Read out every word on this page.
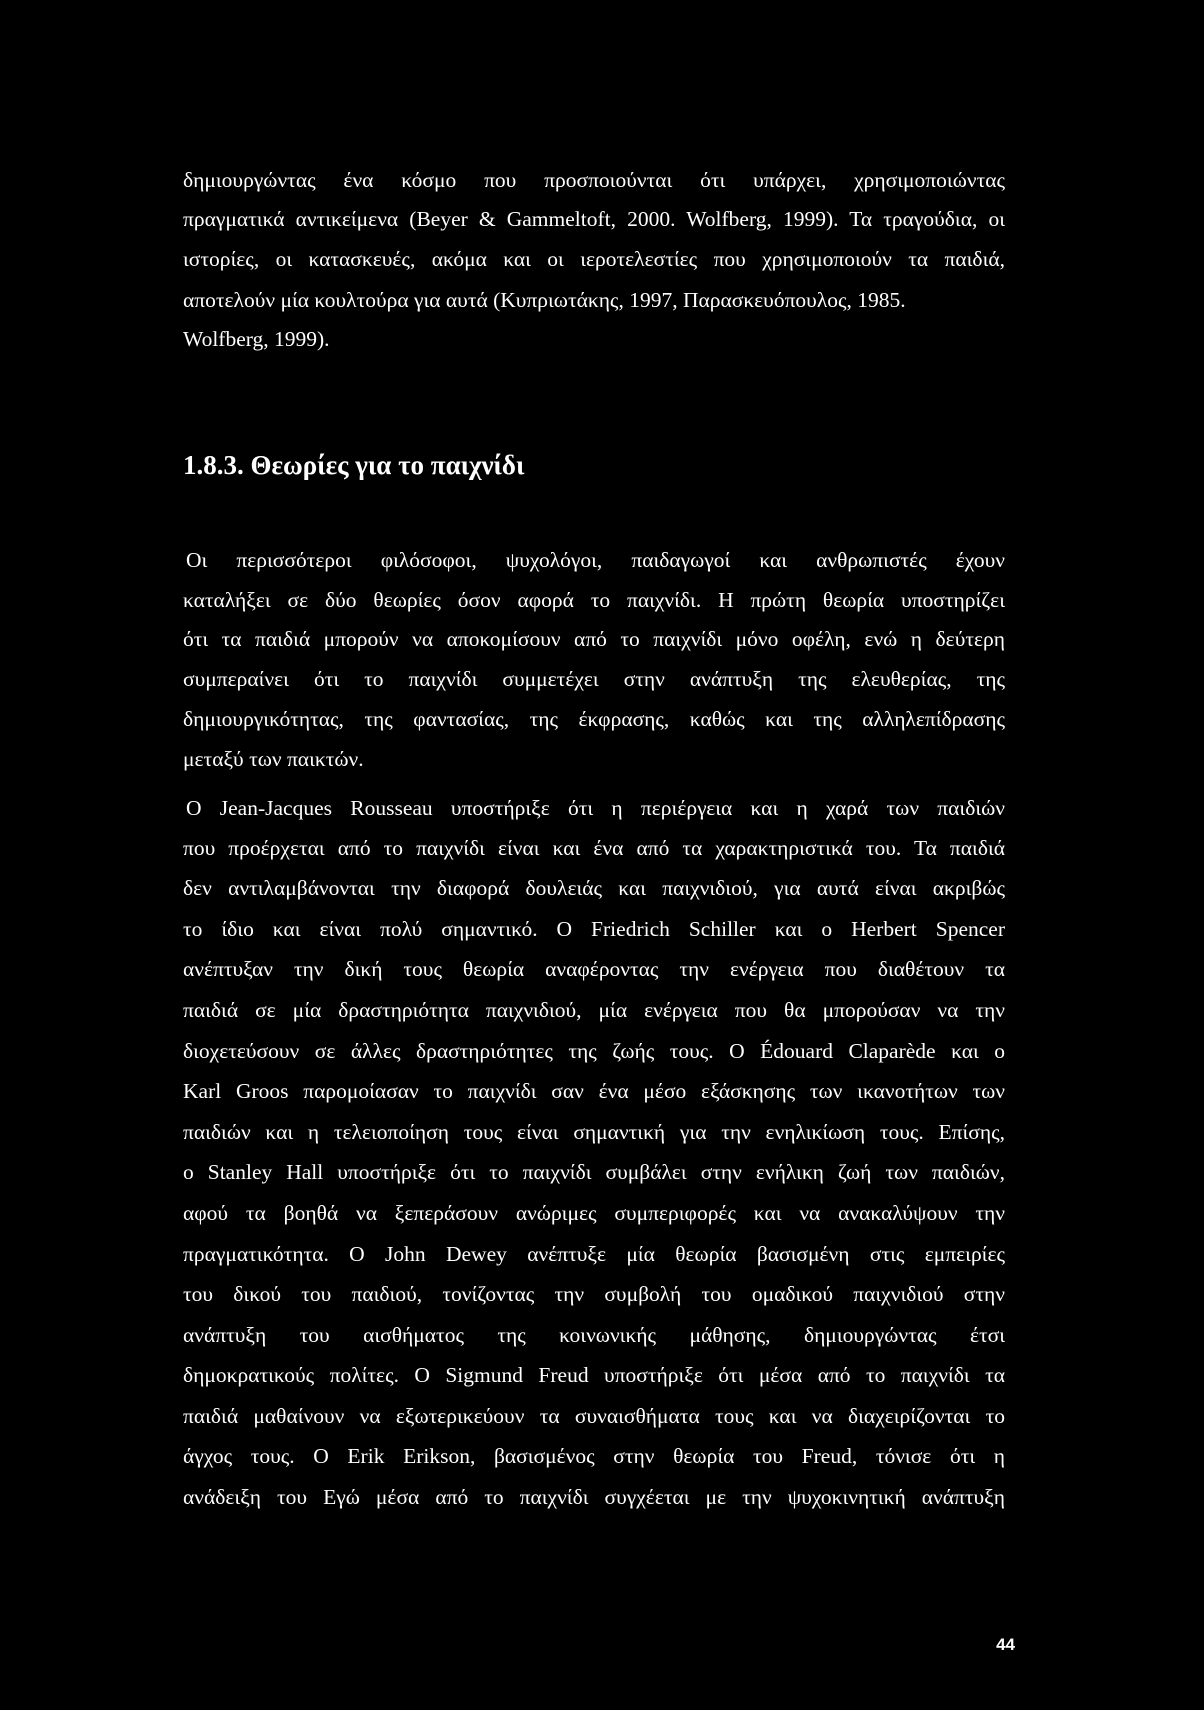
δημιουργώντας ένα κόσμο που προσποιούνται ότι υπάρχει, χρησιμοποιώντας
πραγματικά αντικείμενα (Beyer & Gammeltoft, 2000. Wolfberg, 1999). Τα τραγούδια, οι
ιστορίες, οι κατασκευές, ακόμα και οι ιεροτελεστίες που χρησιμοποιούν τα παιδιά,
αποτελούν μία κουλτούρα για αυτά (Κυπριωτάκης, 1997, Παρασκευόπουλος, 1985.
Wolfberg, 1999).
1.8.3. Θεωρίες για το παιχνίδι
Οι περισσότεροι φιλόσοφοι, ψυχολόγοι, παιδαγωγοί και ανθρωπιστές έχουν
καταλήξει σε δύο θεωρίες όσον αφορά το παιχνίδι. Η πρώτη θεωρία υποστηρίζει
ότι τα παιδιά μπορούν να αποκομίσουν από το παιχνίδι μόνο οφέλη, ενώ η δεύτερη
συμπεραίνει ότι το παιχνίδι συμμετέχει στην ανάπτυξη της ελευθερίας, της
δημιουργικότητας, της φαντασίας, της έκφρασης, καθώς και της αλληλεπίδρασης
μεταξύ των παικτών.
Ο Jean-Jacques Rousseau υποστήριξε ότι η περιέργεια και η χαρά των παιδιών
που προέρχεται από το παιχνίδι είναι και ένα από τα χαρακτηριστικά του. Τα παιδιά
δεν αντιλαμβάνονται την διαφορά δουλειάς και παιχνιδιού, για αυτά είναι ακριβώς
το ίδιο και είναι πολύ σημαντικό. Ο Friedrich Schiller και ο Herbert Spencer
ανέπτυξαν την δική τους θεωρία αναφέροντας την ενέργεια που διαθέτουν τα
παιδιά σε μία δραστηριότητα παιχνιδιού, μία ενέργεια που θα μπορούσαν να την
διοχετεύσουν σε άλλες δραστηριότητες της ζωής τους. Ο Édouard Claparède και ο
Karl Groos παρομοίασαν το παιχνίδι σαν ένα μέσο εξάσκησης των ικανοτήτων των
παιδιών και η τελειοποίηση τους είναι σημαντική για την ενηλικίωση τους. Επίσης,
ο Stanley Hall υποστήριξε ότι το παιχνίδι συμβάλει στην ενήλικη ζωή των παιδιών,
αφού τα βοηθά να ξεπεράσουν ανώριμες συμπεριφορές και να ανακαλύψουν την
πραγματικότητα. Ο John Dewey ανέπτυξε μία θεωρία βασισμένη στις εμπειρίες
του δικού του παιδιού, τονίζοντας την συμβολή του ομαδικού παιχνιδιού στην
ανάπτυξη του αισθήματος της κοινωνικής μάθησης, δημιουργώντας έτσι
δημοκρατικούς πολίτες. Ο Sigmund Freud υποστήριξε ότι μέσα από το παιχνίδι τα
παιδιά μαθαίνουν να εξωτερικεύουν τα συναισθήματα τους και να διαχειρίζονται το
άγχος τους. Ο Erik Erikson, βασισμένος στην θεωρία του Freud, τόνισε ότι η
ανάδειξη του Εγώ μέσα από το παιχνίδι συγχέεται με την ψυχοκινητική ανάπτυξη
44
